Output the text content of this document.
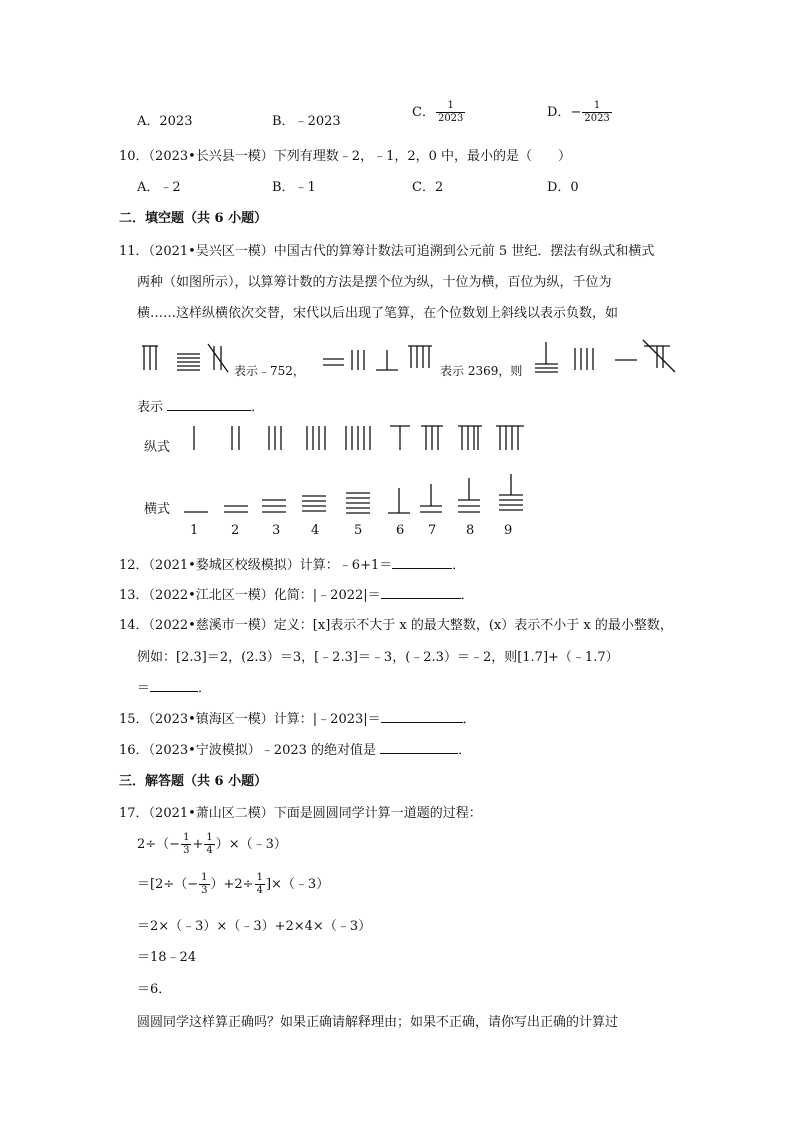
A．2023	B．﹣2023
C． $\frac{1}{2023}$	D．− $\frac{1}{2023}$
10．（2023•长兴县一模）下列有理数﹣2，﹣1，2，0 中，最小的是（　　）
A．﹣2	B．﹣1	C．2	D．0
二．填空题（共 6 小题）
11．（2021•吴兴区一模）中国古代的算筹计数法可追溯到公元前 5 世纪．摆法有纵式和横式
两种（如图所示），以算筹计数的方法是摆个位为纵，十位为横，百位为纵，千位为
横……这样纵横依次交替，宋代以后出现了笔算，在个位数划上斜线以表示负数，如
表示﹣752，	表示 2369，则
表示	．
纵式
横式
1	2	3 4	5	6 7 8 9
12．（2021•婺城区校级模拟）计算：﹣6+1＝	．
13．（2022•江北区一模）化简：|﹣2022|＝	．
14．（2022•慈溪市一模）定义：[x]表示不大于 x 的最大整数，(x）表示不小于 x 的最小整数，
例如：[2.3]＝2，(2.3）＝3，[﹣2.3]＝﹣3，(﹣2.3）＝﹣2，则[1.7]+（﹣1.7）
＝	．
15．（2023•镇海区一模）计算：|﹣2023|＝	．
16．（2023•宁波模拟）﹣2023 的绝对值是	．
三．解答题（共 6 小题）
17．（2021•萧山区二模）下面是圆圆同学计算一道题的过程：
$2\div(- \frac{1}{3} + \frac{1}{4}$ ）×（﹣3）
$=[2\div(- \frac{1}{3} )+2\div \frac{1}{4}$ ]×（﹣3）
＝2×（﹣3）×（﹣3）+2×4×（﹣3）
＝18﹣24
＝6．
圆圆同学这样算正确吗？如果正确请解释理由；如果不正确，请你写出正确的计算过
